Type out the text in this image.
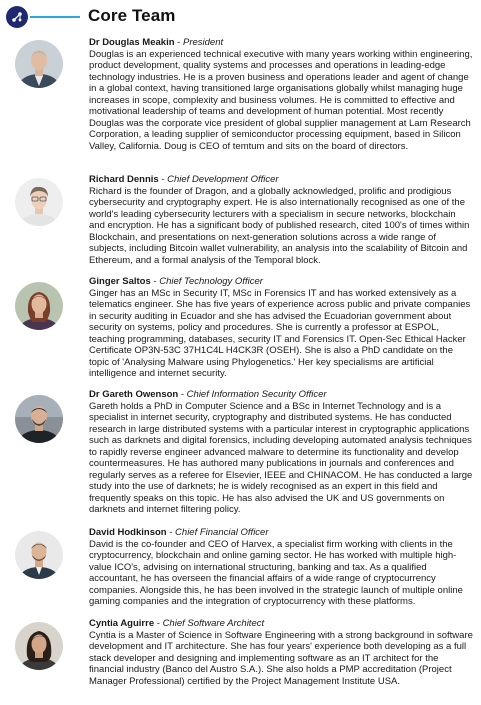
Core Team
Dr Douglas Meakin - President

Douglas is an experienced technical executive with many years working within engineering, product development, quality systems and processes and operations in leading-edge technology industries. He is a proven business and operations leader and agent of change in a global context, having transitioned large organisations globally whilst managing huge increases in scope, complexity and business volumes. He is committed to effective and motivational leadership of teams and development of human potential. Most recently Douglas was the corporate vice president of global supplier management at Lam Research Corporation, a leading supplier of semiconductor processing equipment, based in Silicon Valley, California. Doug is CEO of temtum and sits on the board of directors.

Richard Dennis - Chief Development Officer

Richard is the founder of Dragon, and a globally acknowledged, prolific and prodigious cybersecurity and cryptography expert. He is also internationally recognised as one of the world's leading cybersecurity lecturers with a specialism in secure networks, blockchain and encryption. He has a significant body of published research, cited 100's of times within Blockchain, and presentations on next-generation solutions across a wide range of subjects, including Bitcoin wallet vulnerability, an analysis into the scalability of Bitcoin and Ethereum, and a formal analysis of the Temporal block.

Ginger Saltos - Chief Technology Officer

Ginger has an MSc in Security IT, MSc in Forensics IT and has worked extensively as a telematics engineer. She has five years of experience across public and private companies in security auditing in Ecuador and she has advised the Ecuadorian government about security on systems, policy and procedures. She is currently a professor at ESPOL, teaching programming, databases, security IT and Forensics IT. Open-Sec Ethical Hacker Certificate OP3N-53C 37H1C4L H4CK3R (OSEH). She is also a PhD candidate on the topic of 'Analysing Malware using Phylogenetics.' Her key specialisms are artificial intelligence and internet security.

Dr Gareth Owenson - Chief Information Security Officer

Gareth holds a PhD in Computer Science and a BSc in Internet Technology and is a specialist in internet security, cryptography and distributed systems. He has conducted research in large distributed systems with a particular interest in cryptographic applications such as darknets and digital forensics, including developing automated analysis techniques to rapidly reverse engineer advanced malware to determine its functionality and develop countermeasures. He has authored many publications in journals and conferences and regularly serves as a referee for Elsevier, IEEE and CHINACOM. He has conducted a large study into the use of darknets; he is widely recognised as an expert in this field and frequently speaks on this topic. He has also advised the UK and US governments on darknets and internet filtering policy.

David Hodkinson - Chief Financial Officer

David is the co-founder and CEO of Harvex, a specialist firm working with clients in the cryptocurrency, blockchain and online gaming sector. He has worked with multiple high-value ICO's, advising on international structuring, banking and tax. As a qualified accountant, he has overseen the financial affairs of a wide range of cryptocurrency companies. Alongside this, he has been involved in the strategic launch of multiple online gaming companies and the integration of cryptocurrency with these platforms.

Cyntia Aguirre - Chief Software Architect

Cyntia is a Master of Science in Software Engineering with a strong background in software development and IT architecture. She has four years' experience both developing as a full stack developer and designing and implementing software as an IT architect for the financial industry (Banco del Austro S.A.). She also holds a PMP accreditation (Project Manager Professional) certified by the Project Management Institute USA.
